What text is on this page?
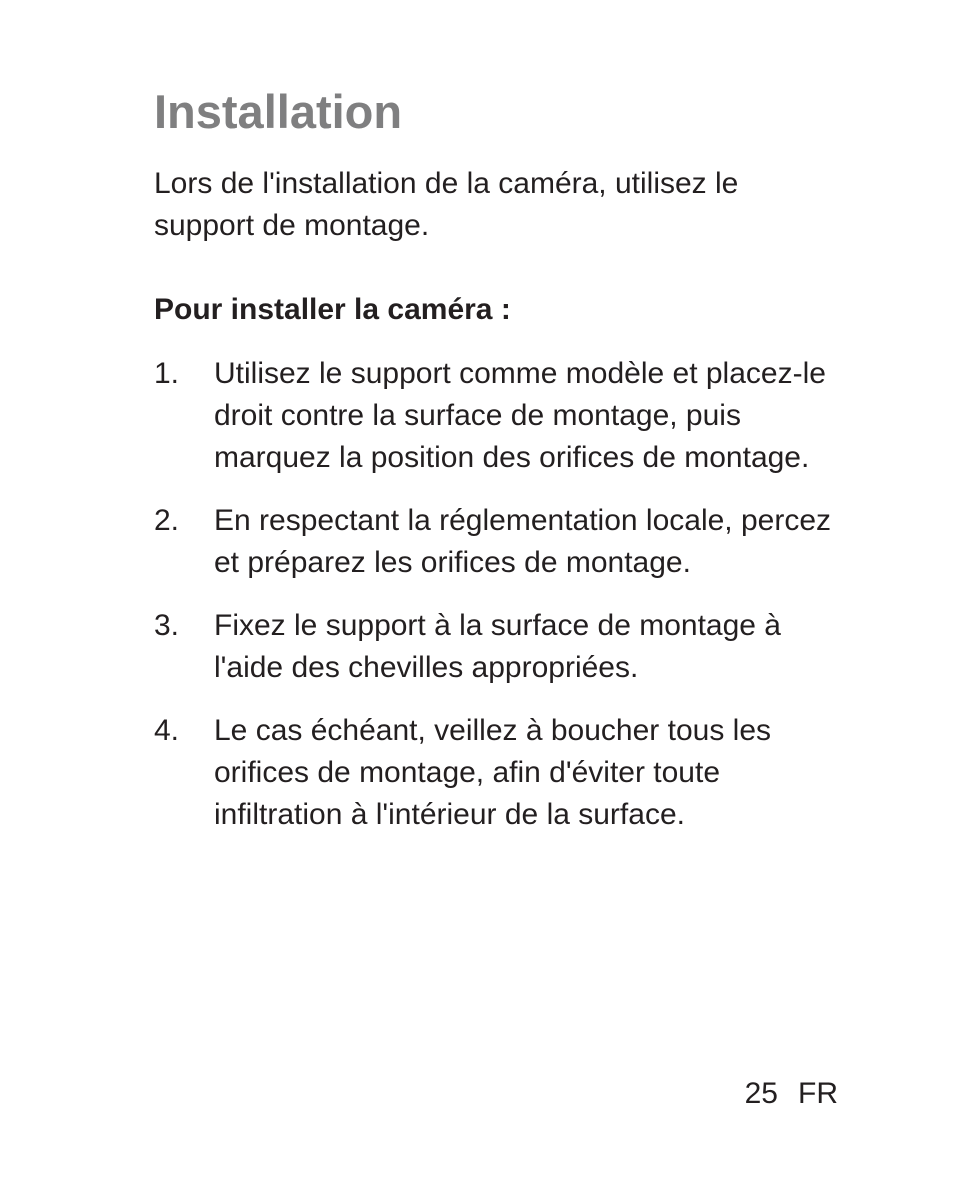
Installation

Lors de l'installation de la caméra, utilisez le support de montage.

Pour installer la caméra :

1.	Utilisez le support comme modèle et placez-le droit contre la surface de montage, puis marquez la position des orifices de montage.
2.	En respectant la réglementation locale, percez et préparez les orifices de montage.
3.	Fixez le support à la surface de montage à l'aide des chevilles appropriées.
4.	Le cas échéant, veillez à boucher tous les orifices de montage, afin d'éviter toute infiltration à l'intérieur de la surface.
25 FR
